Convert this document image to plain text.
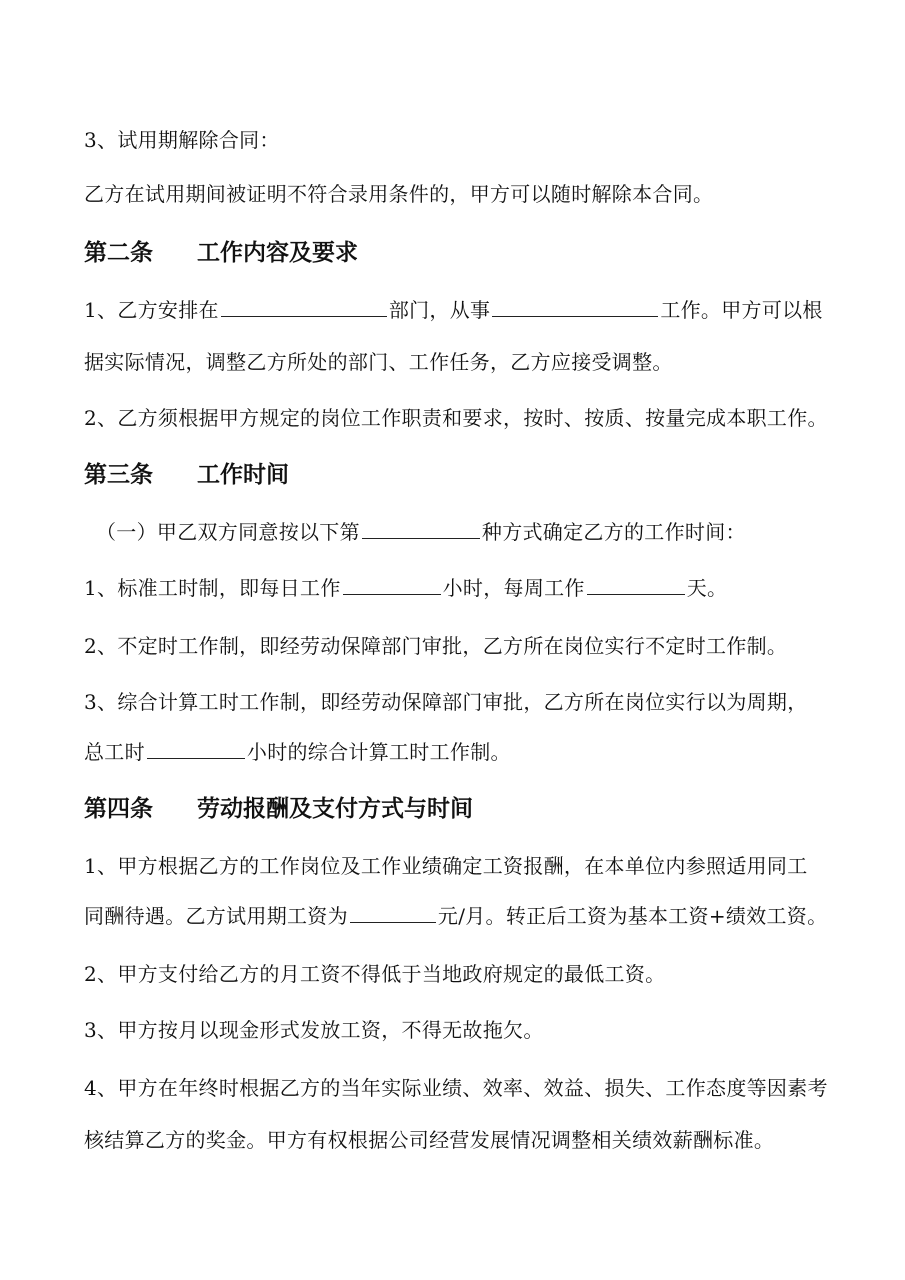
3、试用期解除合同：
乙方在试用期间被证明不符合录用条件的，甲方可以随时解除本合同。
第二条 工作内容及要求
1、乙方安排在	部门，从事	工作。甲方可以根
据实际情况，调整乙方所处的部门、工作任务，乙方应接受调整。
2、乙方须根据甲方规定的岗位工作职责和要求，按时、按质、按量完成本职工作。
第三条 工作时间
（一）甲乙双方同意按以下第	种方式确定乙方的工作时间：
1、标准工时制，即每日工作	小时，每周工作	天。
2、不定时工作制，即经劳动保障部门审批，乙方所在岗位实行不定时工作制。
3、综合计算工时工作制，即经劳动保障部门审批，乙方所在岗位实行以为周期，
总工时	小时的综合计算工时工作制。
第四条 劳动报酬及支付方式与时间
1、甲方根据乙方的工作岗位及工作业绩确定工资报酬，在本单位内参照适用同工
同酬待遇。乙方试用期工资为	元/月。转正后工资为基本工资+绩效工资。
2、甲方支付给乙方的月工资不得低于当地政府规定的最低工资。
3、甲方按月以现金形式发放工资，不得无故拖欠。
4、甲方在年终时根据乙方的当年实际业绩、效率、效益、损失、工作态度等因素考
核结算乙方的奖金。甲方有权根据公司经营发展情况调整相关绩效薪酬标准。
